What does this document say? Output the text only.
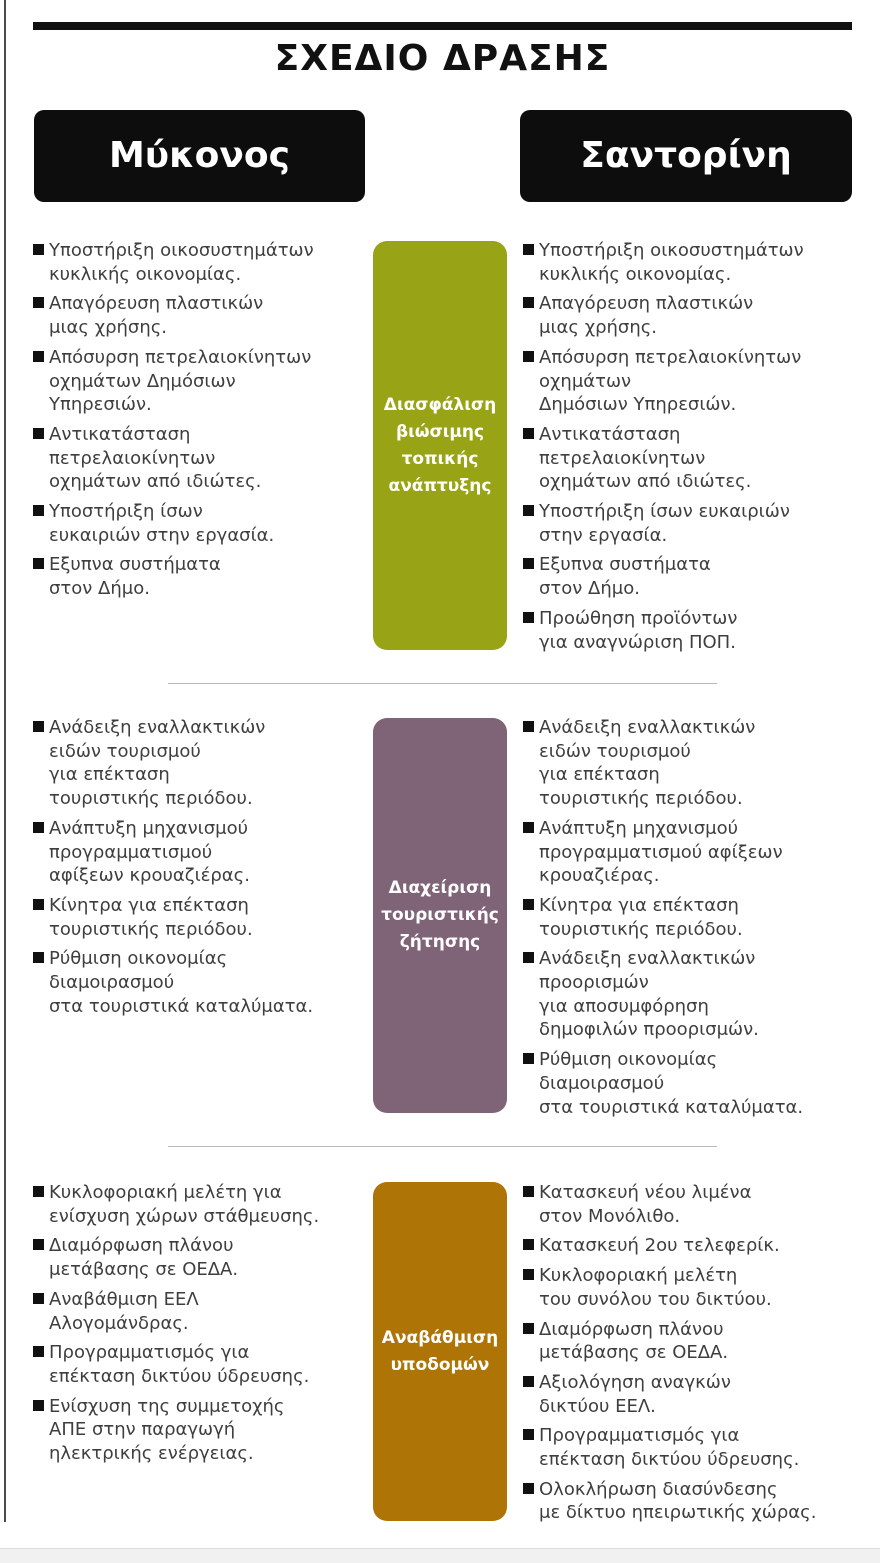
ΣΧΕΔΙΟ ΔΡΑΣΗΣ
Μύκονος	Σαντορίνη
Υποστήριξη οικοσυστημάτων
κυκλικής οικονομίας.
Απαγόρευση πλαστικών
μιας χρήσης.
Απόσυρση πετρελαιοκίνητων
οχημάτων Δημόσιων
Υπηρεσιών.
Αντικατάσταση
πετρελαιοκίνητων
οχημάτων από ιδιώτες.
Υποστήριξη ίσων
ευκαιριών στην εργασία.
Εξυπνα συστήματα
στον Δήμο.
Διασφάλιση
βιώσιμης
τοπικής
ανάπτυξης
Υποστήριξη οικοσυστημάτων
κυκλικής οικονομίας.
Απαγόρευση πλαστικών
μιας χρήσης.
Απόσυρση πετρελαιοκίνητων
οχημάτων
Δημόσιων Υπηρεσιών.
Αντικατάσταση
πετρελαιοκίνητων
οχημάτων από ιδιώτες.
Υποστήριξη ίσων ευκαιριών
στην εργασία.
Εξυπνα συστήματα
στον Δήμο.
Προώθηση προϊόντων
για αναγνώριση ΠΟΠ.
Ανάδειξη εναλλακτικών
ειδών τουρισμού
για επέκταση
τουριστικής περιόδου.
Ανάπτυξη μηχανισμού
προγραμματισμού
αφίξεων κρουαζιέρας.
Κίνητρα για επέκταση
τουριστικής περιόδου.
Ρύθμιση οικονομίας
διαμοιρασμού
στα τουριστικά καταλύματα.
Διαχείριση
τουριστικής
ζήτησης
Ανάδειξη εναλλακτικών
ειδών τουρισμού
για επέκταση
τουριστικής περιόδου.
Ανάπτυξη μηχανισμού
προγραμματισμού αφίξεων
κρουαζιέρας.
Κίνητρα για επέκταση
τουριστικής περιόδου.
Ανάδειξη εναλλακτικών
προορισμών
για αποσυμφόρηση
δημοφιλών προορισμών.
Ρύθμιση οικονομίας
διαμοιρασμού
στα τουριστικά καταλύματα.
Κυκλοφοριακή μελέτη για
ενίσχυση χώρων στάθμευσης.
Διαμόρφωση πλάνου
μετάβασης σε ΟΕΔΑ.
Αναβάθμιση ΕΕΛ
Αλογομάνδρας.
Προγραμματισμός για
επέκταση δικτύου ύδρευσης.
Ενίσχυση της συμμετοχής
ΑΠΕ στην παραγωγή
ηλεκτρικής ενέργειας.
Αναβάθμιση
υποδομών
Κατασκευή νέου λιμένα
στον Μονόλιθο.
Κατασκευή 2ου τελεφερίκ.
Κυκλοφοριακή μελέτη
του συνόλου του δικτύου.
Διαμόρφωση πλάνου
μετάβασης σε ΟΕΔΑ.
Αξιολόγηση αναγκών
δικτύου ΕΕΛ.
Προγραμματισμός για
επέκταση δικτύου ύδρευσης.
Ολοκλήρωση διασύνδεσης
με δίκτυο ηπειρωτικής χώρας.
